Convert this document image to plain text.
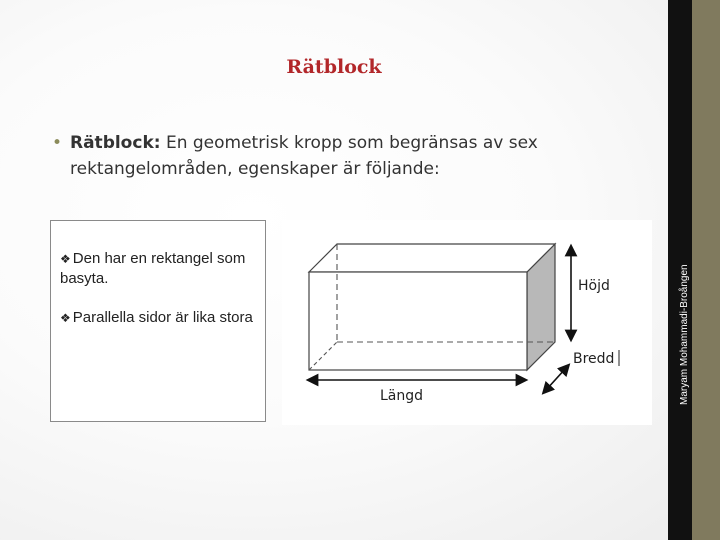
Rätblock
• Rätblock: En geometrisk kropp som begränsas av sex rektangelområden, egenskaper är följande:
❖ Den har en rektangel som basyta.
❖ Parallella sidor är lika stora
Höjd
Bredd
Längd	Maryam Mohammadi-Broången
